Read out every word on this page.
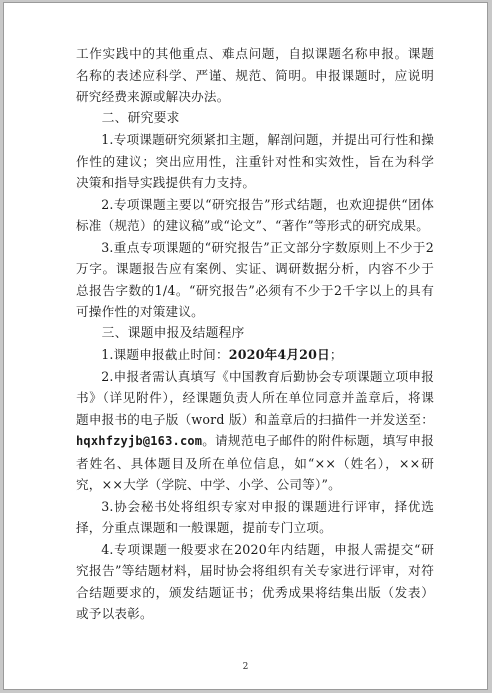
工作实践中的其他重点、难点问题，自拟课题名称申报。课题名称的表述应科学、严谨、规范、简明。申报课题时，应说明研究经费来源或解决办法。

二、研究要求

1.专项课题研究须紧扣主题，解剖问题，并提出可行性和操作性的建议；突出应用性，注重针对性和实效性，旨在为科学决策和指导实践提供有力支持。

2.专项课题主要以“研究报告”形式结题，也欢迎提供“团体标准（规范）的建议稿”或“论文”、“著作”等形式的研究成果。

3.重点专项课题的“研究报告”正文部分字数原则上不少于2万字。课题报告应有案例、实证、调研数据分析，内容不少于总报告字数的1/4。“研究报告”必须有不少于2千字以上的具有可操作性的对策建议。

三、课题申报及结题程序

1.课题申报截止时间：2020年4月20日；

2.申报者需认真填写《中国教育后勤协会专项课题立项申报书》（详见附件），经课题负责人所在单位同意并盖章后，将课题申报书的电子版（word 版）和盖章后的扫描件一并发送至：hqxhfzyjb@163.com。请规范电子邮件的附件标题，填写申报者姓名、具体题目及所在单位信息，如“××（姓名），××研究，××大学（学院、中学、小学、公司等）”。

3.协会秘书处将组织专家对申报的课题进行评审，择优选择，分重点课题和一般课题，提前专门立项。

4.专项课题一般要求在2020年内结题，申报人需提交“研究报告”等结题材料，届时协会将组织有关专家进行评审，对符合结题要求的，颁发结题证书；优秀成果将结集出版（发表）或予以表彰。

2
